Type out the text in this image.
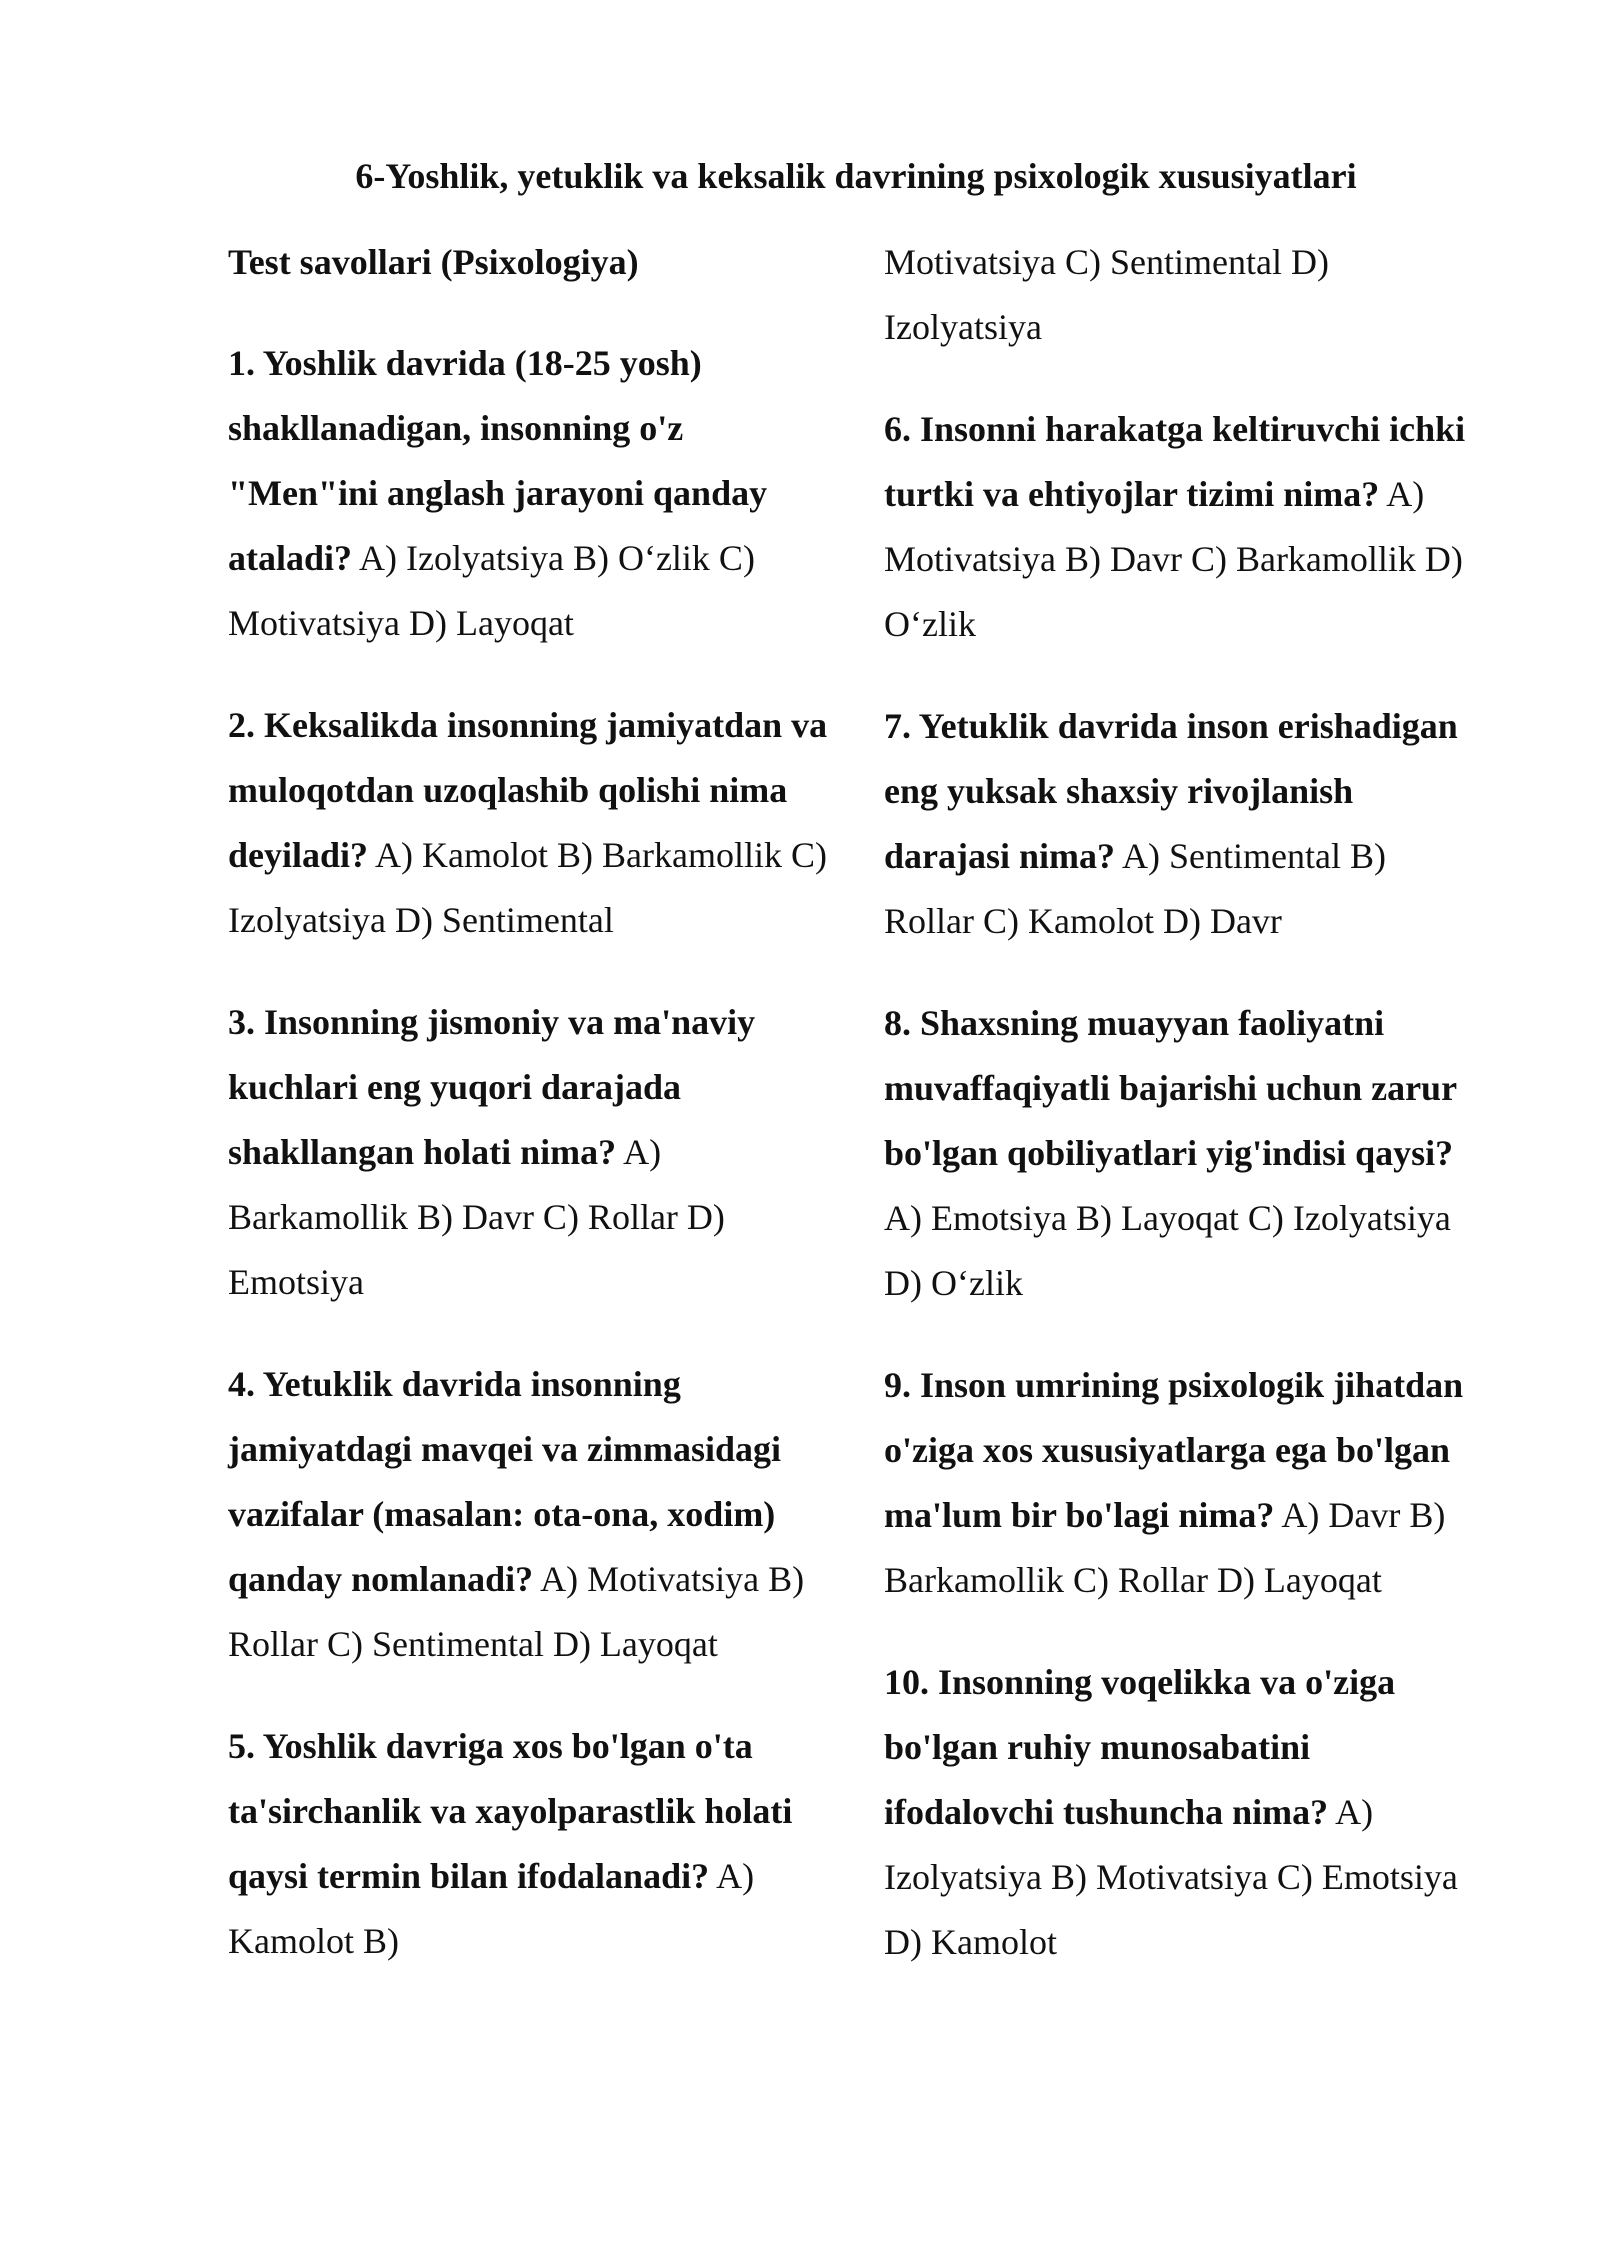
6-Yoshlik, yetuklik va keksalik davrining psixologik xususiyatlari
Test savollari (Psixologiya)
1. Yoshlik davrida (18-25 yosh) shakllanadigan, insonning o'z "Men"ini anglash jarayoni qanday ataladi? A) Izolyatsiya B) O‘zlik C) Motivatsiya D) Layoqat
2. Keksalikda insonning jamiyatdan va muloqotdan uzoqlashib qolishi nima deyiladi? A) Kamolot B) Barkamollik C) Izolyatsiya D) Sentimental
3. Insonning jismoniy va ma'naviy kuchlari eng yuqori darajada shakllangan holati nima? A) Barkamollik B) Davr C) Rollar D) Emotsiya
4. Yetuklik davrida insonning jamiyatdagi mavqei va zimmasidagi vazifalar (masalan: ota-ona, xodim) qanday nomlanadi? A) Motivatsiya B) Rollar C) Sentimental D) Layoqat
5. Yoshlik davriga xos bo'lgan o'ta ta'sirchanlik va xayolparastlik holati qaysi termin bilan ifodalanadi? A) Kamolot B)
Motivatsiya C) Sentimental D) Izolyatsiya
6. Insonni harakatga keltiruvchi ichki turtki va ehtiyojlar tizimi nima? A) Motivatsiya B) Davr C) Barkamollik D) O‘zlik
7. Yetuklik davrida inson erishadigan eng yuksak shaxsiy rivojlanish darajasi nima? A) Sentimental B) Rollar C) Kamolot D) Davr
8. Shaxsning muayyan faoliyatni muvaffaqiyatli bajarishi uchun zarur bo'lgan qobiliyatlari yig'indisi qaysi? A) Emotsiya B) Layoqat C) Izolyatsiya D) O‘zlik
9. Inson umrining psixologik jihatdan o'ziga xos xususiyatlarga ega bo'lgan ma'lum bir bo'lagi nima? A) Davr B) Barkamollik C) Rollar D) Layoqat
10. Insonning voqelikka va o'ziga bo'lgan ruhiy munosabatini ifodalovchi tushuncha nima? A) Izolyatsiya B) Motivatsiya C) Emotsiya D) Kamolot
